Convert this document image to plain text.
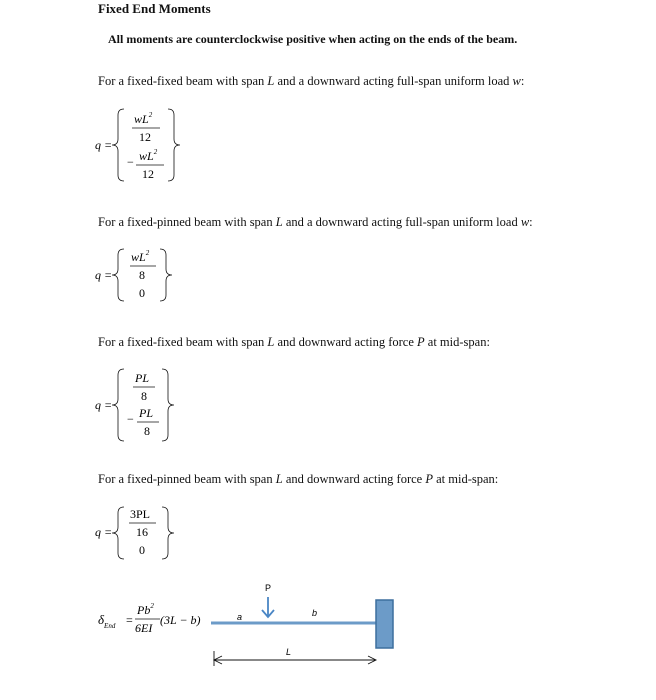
Fixed End Moments
All moments are counterclockwise positive when acting on the ends of the beam.
For a fixed-fixed beam with span L and a downward acting full-span uniform load w:
q =
$wL^2$
12
− $wL^2$
12
For a fixed-pinned beam with span L and a downward acting full-span uniform load w:
q =
$wL^2$
8
0
For a fixed-fixed beam with span L and downward acting force P at mid-span:
q =
PL
8
− PL
8
For a fixed-pinned beam with span L and downward acting force P at mid-span:
q =
3PL
16
0
$\delta_{End}$ =
$Pb^2$
6EI
(3L − b)
P
a	b
L
